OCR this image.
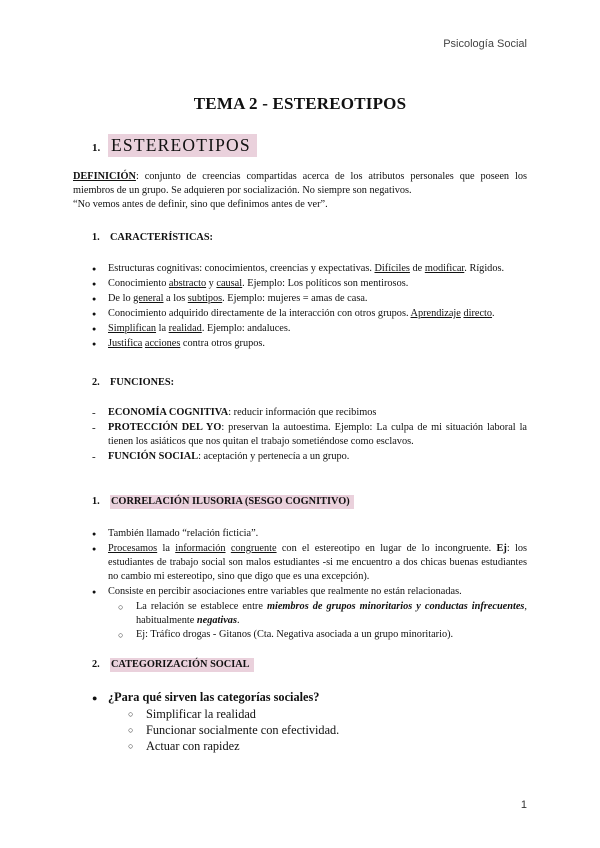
Psicología Social
TEMA 2 - ESTEREOTIPOS
1. ESTEREOTIPOS
DEFINICIÓN: conjunto de creencias compartidas acerca de los atributos personales que poseen los miembros de un grupo. Se adquieren por socialización. No siempre son negativos.
“No vemos antes de definir, sino que definimos antes de ver”.
1. CARACTERÍSTICAS:
● Estructuras cognitivas: conocimientos, creencias y expectativas. Difíciles de modificar. Rígidos.
● Conocimiento abstracto y causal. Ejemplo: Los políticos son mentirosos.
● De lo general a los subtipos. Ejemplo: mujeres = amas de casa.
● Conocimiento adquirido directamente de la interacción con otros grupos. Aprendizaje directo.
● Simplifican la realidad. Ejemplo: andaluces.
● Justifica acciones contra otros grupos.
2. FUNCIONES:
- ECONOMÍA COGNITIVA: reducir información que recibimos
- PROTECCIÓN DEL YO: preservan la autoestima. Ejemplo: La culpa de mi situación laboral la tienen los asiáticos que nos quitan el trabajo sometiéndose como esclavos.
- FUNCIÓN SOCIAL: aceptación y pertenecía a un grupo.
1. CORRELACIÓN ILUSORIA (SESGO COGNITIVO)
● También llamado “relación ficticia”.
● Procesamos la información congruente con el estereotipo en lugar de lo incongruente. Ej: los estudiantes de trabajo social son malos estudiantes -si me encuentro a dos chicas buenas estudiantes no cambio mi estereotipo, sino que digo que es una excepción).
● Consiste en percibir asociaciones entre variables que realmente no están relacionadas.
○ La relación se establece entre miembros de grupos minoritarios y conductas infrecuentes, habitualmente negativas.
○ Ej: Tráfico drogas - Gitanos (Cta. Negativa asociada a un grupo minoritario).
2. CATEGORIZACIÓN SOCIAL
● ¿Para qué sirven las categorías sociales?
○ Simplificar la realidad
○ Funcionar socialmente con efectividad.
○ Actuar con rapidez
1
